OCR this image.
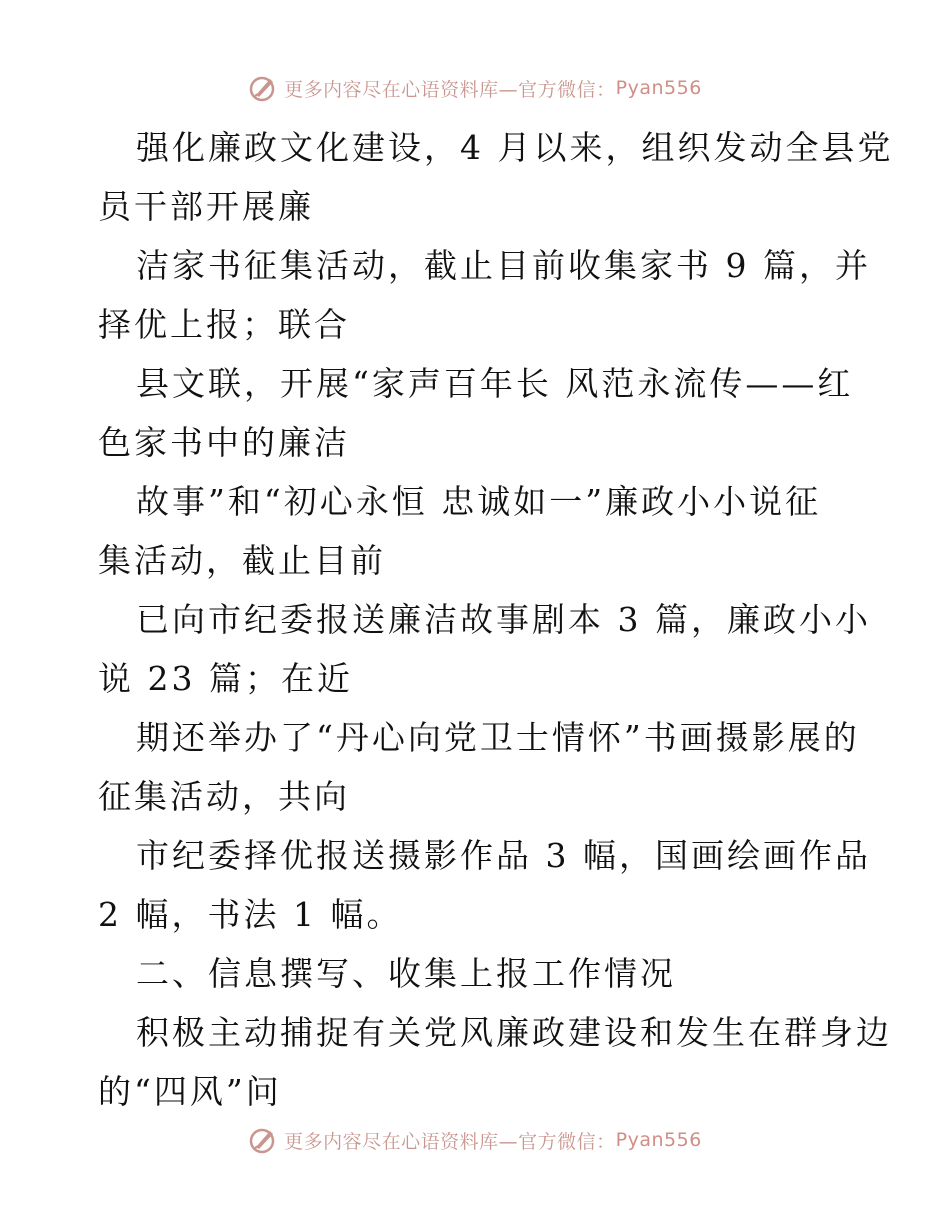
更多内容尽在心语资料库—官方微信： Pyan556
强化廉政文化建设，4 月以来，组织发动全县党
员干部开展廉
洁家书征集活动，截止目前收集家书 9 篇，并
择优上报；联合
县文联，开展“家声百年长 风范永流传——红
色家书中的廉洁
故事”和“初心永恒 忠诚如一”廉政小小说征
集活动，截止目前
已向市纪委报送廉洁故事剧本 3 篇，廉政小小
说 23 篇；在近
期还举办了“丹心向党卫士情怀”书画摄影展的
征集活动，共向
市纪委择优报送摄影作品 3 幅，国画绘画作品
2 幅，书法 1 幅。
二、信息撰写、收集上报工作情况
积极主动捕捉有关党风廉政建设和发生在群身边
的“四风”问
更多内容尽在心语资料库—官方微信： Pyan556
